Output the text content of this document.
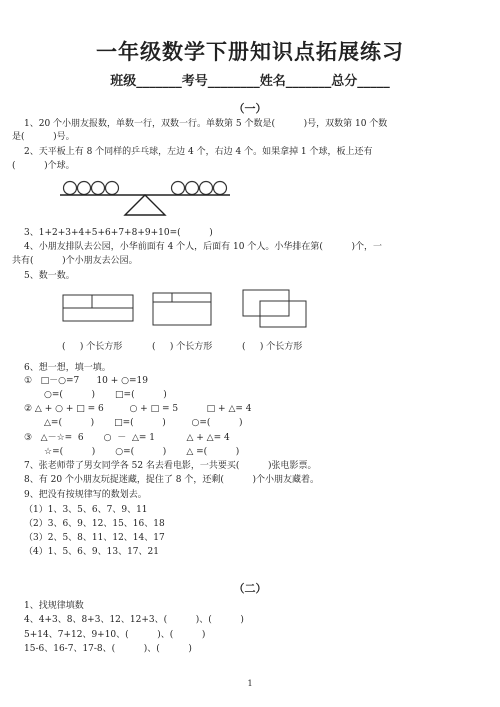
一年级数学下册知识点拓展练习
班级_______考号________姓名_______总分_____
（一）
1、20 个小朋友报数，单数一行，双数一行。单数第 5 个数是(          )号，双数第 10 个数
是(          )号。
2、天平板上有 8 个同样的乒乓球，左边 4 个，右边 4 个。如果拿掉 1 个球，板上还有
(          )个球。
3、1+2+3+4+5+6+7+8+9+10=(          )
4、小朋友排队去公园，小华前面有 4 个人，后面有 10 个人。小华排在第(          )个，一
共有(          )个小朋友去公园。
5、数一数。
(     ) 个长方形	(     ) 个长方形	(     ) 个长方形
6、想一想，填一填。
①   □－○=7      10 + ○=19
○=(          )       □=(          )
② △ + ○ + □ = 6         ○ + □ = 5          □ + △= 4
△=(          )       □=(          )         ○=(          )
③   △－☆=  6       ○  －  △= 1           △ + △= 4
☆=(          )       ○=(          )       △ =(          )
7、张老师带了男女同学各 52 名去看电影，一共要买(          )张电影票。
8、有 20 个小朋友玩捉迷藏，捉住了 8 个，还剩(          )个小朋友藏着。
9、把没有按规律写的数划去。
（1）1、3、5、6、7、9、11
（2）3、6、9、12、15、16、18
（3）2、5、8、11、12、14、17
（4）1、5、6、9、13、17、21
（二）
1、找规律填数
4、4+3、8、8+3、12、12+3、(          )、(          )
5+14、7+12、9+10、(          )、(          )
15-6、16-7、17-8、(          )、(          )
1
